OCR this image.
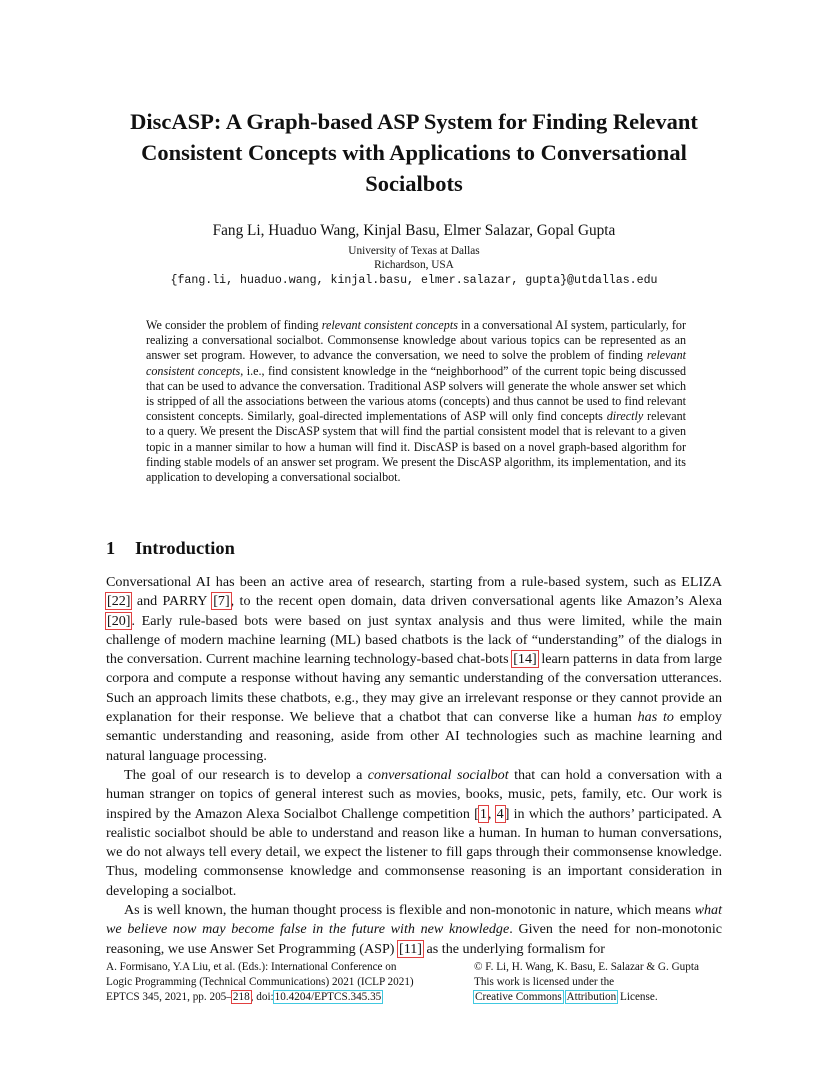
DiscASP: A Graph-based ASP System for Finding Relevant
Consistent Concepts with Applications to Conversational
Socialbots
Fang Li, Huaduo Wang, Kinjal Basu, Elmer Salazar, Gopal Gupta
University of Texas at Dallas
Richardson, USA
{fang.li, huaduo.wang, kinjal.basu, elmer.salazar, gupta}@utdallas.edu

We consider the problem of finding relevant consistent concepts in a conversational AI system, particularly, for realizing a conversational socialbot. Commonsense knowledge about various topics can be represented as an answer set program. However, to advance the conversation, we need to solve the problem of finding relevant consistent concepts, i.e., find consistent knowledge in the “neighborhood” of the current topic being discussed that can be used to advance the conversation. Traditional ASP solvers will generate the whole answer set which is stripped of all the associations between the various atoms (concepts) and thus cannot be used to find relevant consistent concepts. Similarly, goal-directed implementations of ASP will only find concepts directly relevant to a query. We present the DiscASP system that will find the partial consistent model that is relevant to a given topic in a manner similar to how a human will find it. DiscASP is based on a novel graph-based algorithm for finding stable models of an answer set program. We present the DiscASP algorithm, its implementation, and its application to developing a conversational socialbot.

1 Introduction

Conversational AI has been an active area of research, starting from a rule-based system, such as ELIZA [22] and PARRY [7], to the recent open domain, data driven conversational agents like Amazon’s Alexa [20]. Early rule-based bots were based on just syntax analysis and thus were limited, while the main challenge of modern machine learning (ML) based chatbots is the lack of “understanding” of the dialogs in the conversation. Current machine learning technology-based chat-bots [14] learn patterns in data from large corpora and compute a response without having any semantic understanding of the conversation utterances. Such an approach limits these chatbots, e.g., they may give an irrelevant response or they cannot provide an explanation for their response. We believe that a chatbot that can converse like a human has to employ semantic understanding and reasoning, aside from other AI technologies such as machine learning and natural language processing.

The goal of our research is to develop a conversational socialbot that can hold a conversation with a human stranger on topics of general interest such as movies, books, music, pets, family, etc. Our work is inspired by the Amazon Alexa Socialbot Challenge competition [1, 4] in which the authors’ participated. A realistic socialbot should be able to understand and reason like a human. In human to human conversations, we do not always tell every detail, we expect the listener to fill gaps through their commonsense knowledge. Thus, modeling commonsense knowledge and commonsense reasoning is an important consideration in developing a socialbot.

As is well known, the human thought process is flexible and non-monotonic in nature, which means what we believe now may become false in the future with new knowledge. Given the need for non-monotonic reasoning, we use Answer Set Programming (ASP) [11] as the underlying formalism for

A. Formisano, Y.A Liu, et al. (Eds.): International Conference on
Logic Programming (Technical Communications) 2021 (ICLP 2021)
EPTCS 345, 2021, pp. 205–218, doi:10.4204/EPTCS.345.35
© F. Li, H. Wang, K. Basu, E. Salazar & G. Gupta
This work is licensed under the
Creative Commons Attribution License.
